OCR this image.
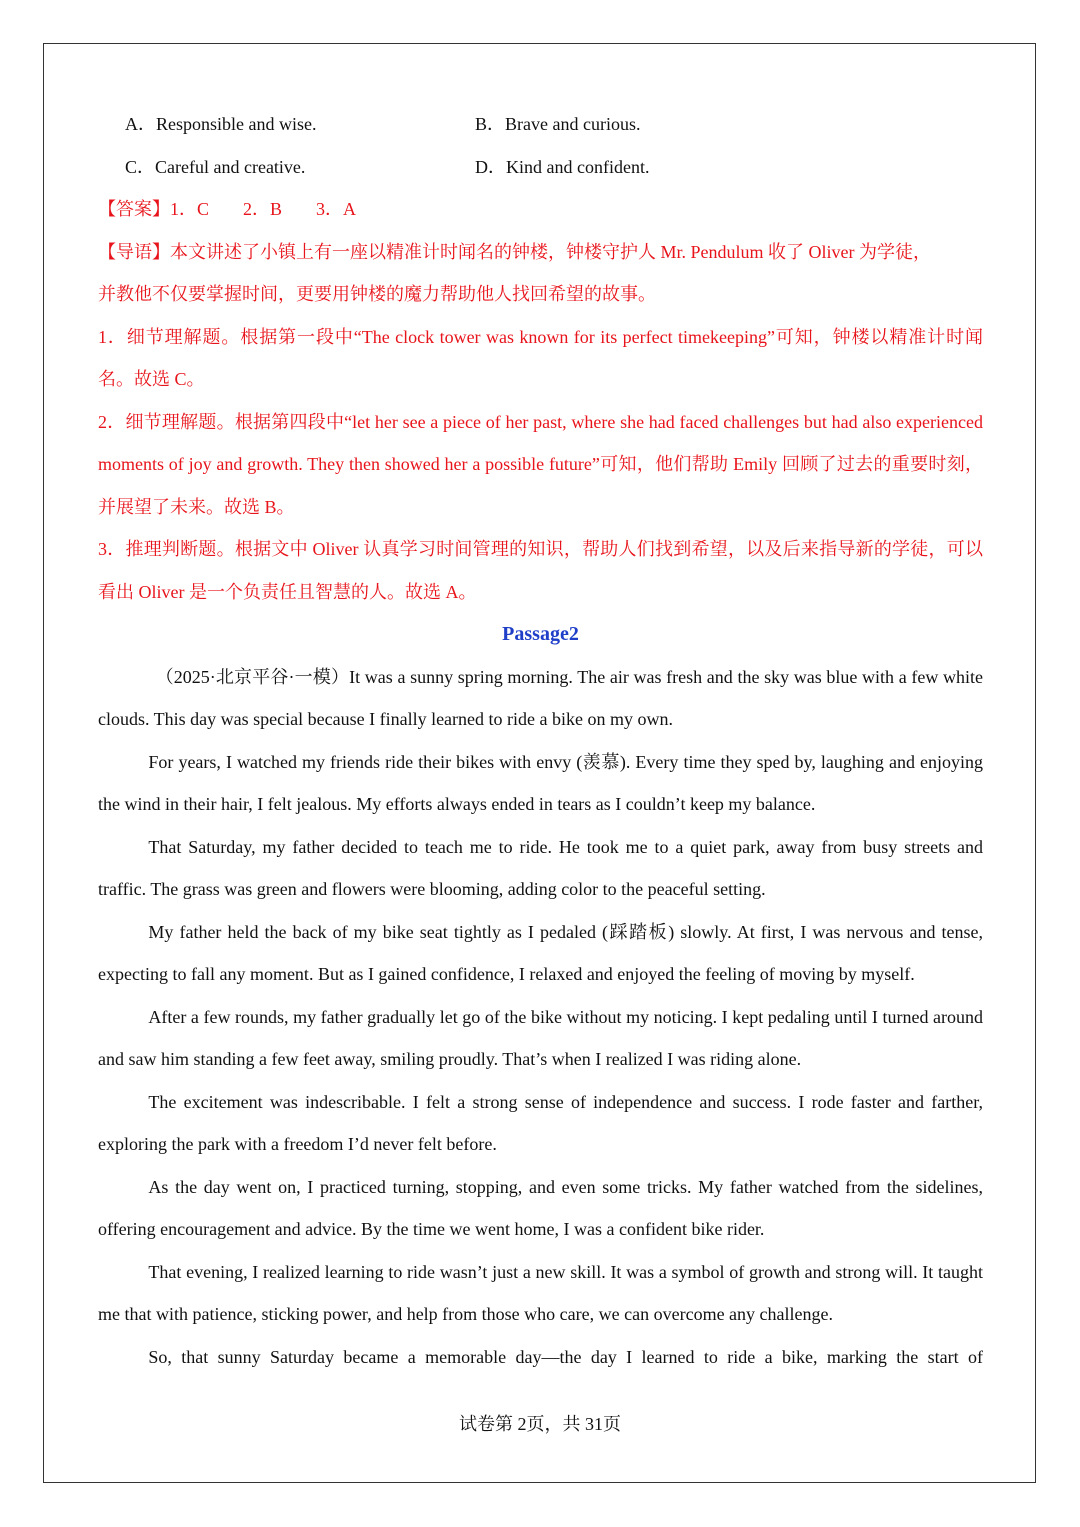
A．Responsible and wise.	B．Brave and curious.
C．Careful and creative.	D．Kind and confident.
【答案】1．C 2．B 3．A
【导语】本文讲述了小镇上有一座以精准计时闻名的钟楼，钟楼守护人 Mr. Pendulum 收了 Oliver 为学徒，
并教他不仅要掌握时间，更要用钟楼的魔力帮助他人找回希望的故事。
1．细节理解题。根据第一段中“The clock tower was known for its perfect timekeeping”可知，钟楼以精准计时闻名。故选 C。
2．细节理解题。根据第四段中“let her see a piece of her past, where she had faced challenges but had also experienced moments of joy and growth. They then showed her a possible future”可知，他们帮助 Emily 回顾了过去的重要时刻，并展望了未来。故选 B。
3．推理判断题。根据文中 Oliver 认真学习时间管理的知识，帮助人们找到希望，以及后来指导新的学徒，可以看出 Oliver 是一个负责任且智慧的人。故选 A。
Passage2

（2025·北京平谷·一模）It was a sunny spring morning. The air was fresh and the sky was blue with a few white clouds. This day was special because I finally learned to ride a bike on my own.

For years, I watched my friends ride their bikes with envy (羡慕). Every time they sped by, laughing and enjoying the wind in their hair, I felt jealous. My efforts always ended in tears as I couldn’t keep my balance.

That Saturday, my father decided to teach me to ride. He took me to a quiet park, away from busy streets and traffic. The grass was green and flowers were blooming, adding color to the peaceful setting.

My father held the back of my bike seat tightly as I pedaled (踩踏板) slowly. At first, I was nervous and tense, expecting to fall any moment. But as I gained confidence, I relaxed and enjoyed the feeling of moving by myself.

After a few rounds, my father gradually let go of the bike without my noticing. I kept pedaling until I turned around and saw him standing a few feet away, smiling proudly. That’s when I realized I was riding alone.

The excitement was indescribable. I felt a strong sense of independence and success. I rode faster and farther, exploring the park with a freedom I’d never felt before.

As the day went on, I practiced turning, stopping, and even some tricks. My father watched from the sidelines, offering encouragement and advice. By the time we went home, I was a confident bike rider.

That evening, I realized learning to ride wasn’t just a new skill. It was a symbol of growth and strong will. It taught me that with patience, sticking power, and help from those who care, we can overcome any challenge.

So, that sunny Saturday became a memorable day—the day I learned to ride a bike, marking the start of

试卷第 2页，共 31页
